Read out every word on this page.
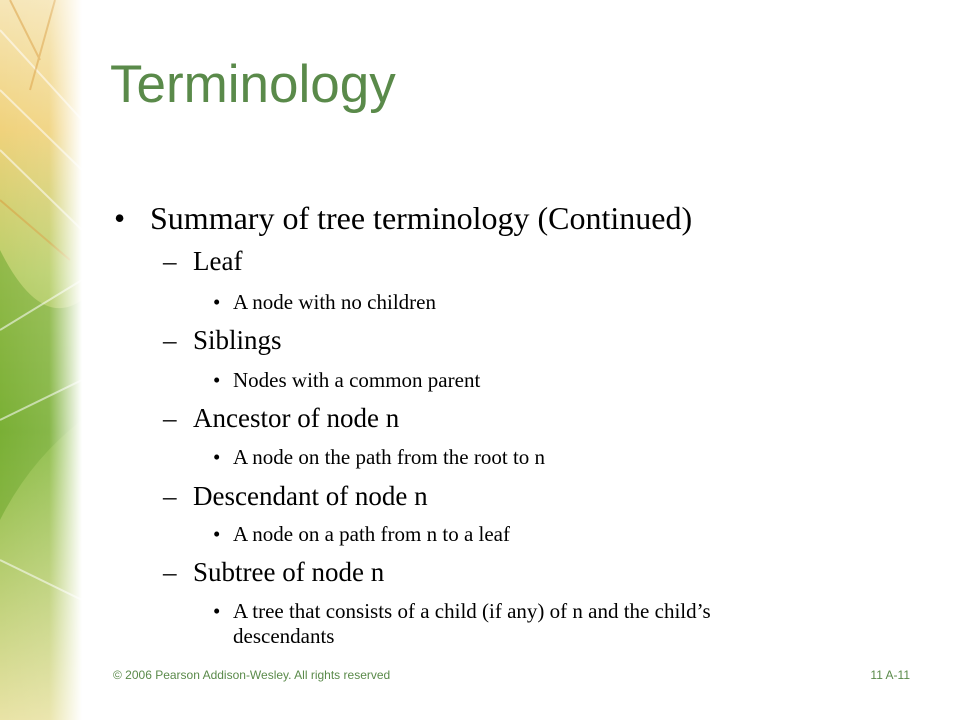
Terminology
• Summary of tree terminology (Continued)
– Leaf
• A node with no children
– Siblings
• Nodes with a common parent
– Ancestor of node n
• A node on the path from the root to n
– Descendant of node n
• A node on a path from n to a leaf
– Subtree of node n
• A tree that consists of a child (if any) of n and the child’s
descendants
© 2006 Pearson Addison-Wesley. All rights reserved	11 A-11
